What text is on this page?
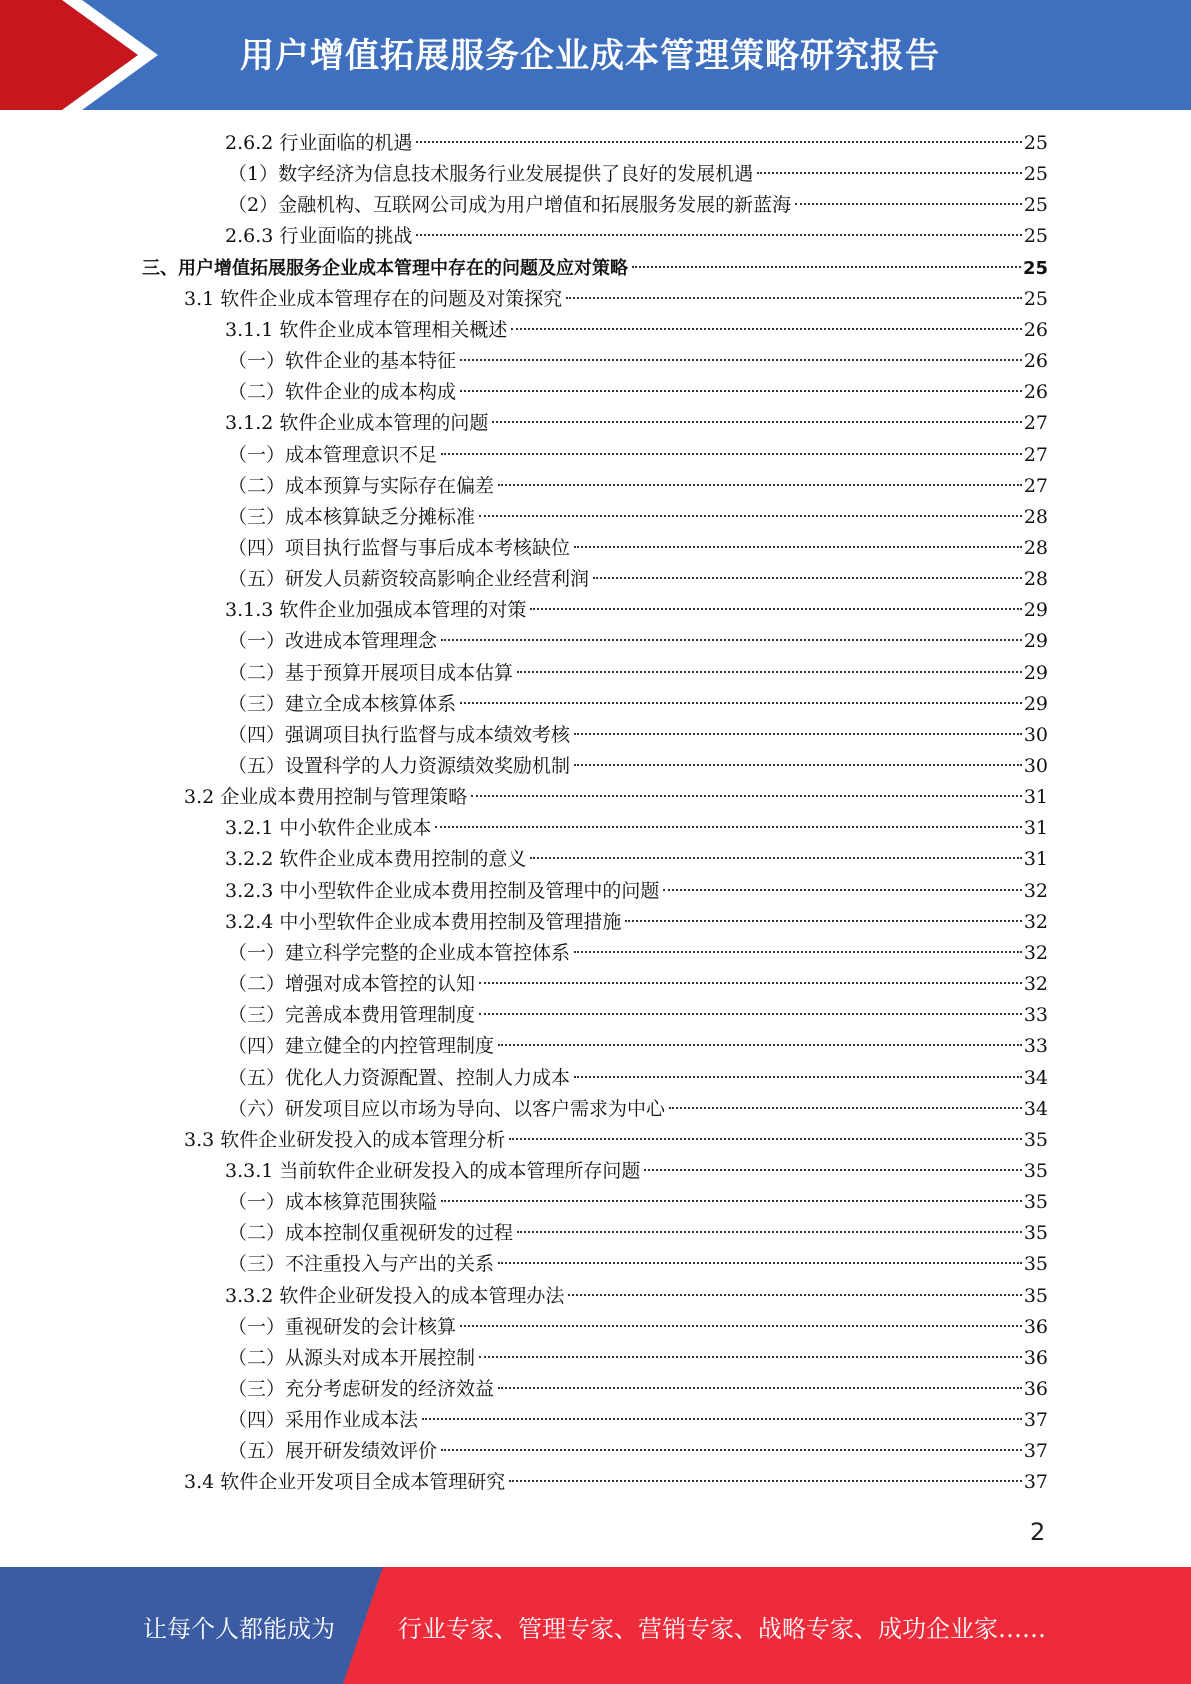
用户增值拓展服务企业成本管理策略研究报告
2.6.2 行业面临的机遇	25
（1）数字经济为信息技术服务行业发展提供了良好的发展机遇	25
（2）金融机构、互联网公司成为用户增值和拓展服务发展的新蓝海	25
2.6.3 行业面临的挑战	25
三、用户增值拓展服务企业成本管理中存在的问题及应对策略	25
3.1 软件企业成本管理存在的问题及对策探究	25
3.1.1 软件企业成本管理相关概述	26
（一）软件企业的基本特征	26
（二）软件企业的成本构成	26
3.1.2 软件企业成本管理的问题	27
（一）成本管理意识不足	27
（二）成本预算与实际存在偏差	27
（三）成本核算缺乏分摊标准	28
（四）项目执行监督与事后成本考核缺位	28
（五）研发人员薪资较高影响企业经营利润	28
3.1.3 软件企业加强成本管理的对策	29
（一）改进成本管理理念	29
（二）基于预算开展项目成本估算	29
（三）建立全成本核算体系	29
（四）强调项目执行监督与成本绩效考核	30
（五）设置科学的人力资源绩效奖励机制	30
3.2 企业成本费用控制与管理策略	31
3.2.1 中小软件企业成本	31
3.2.2 软件企业成本费用控制的意义	31
3.2.3 中小型软件企业成本费用控制及管理中的问题	32
3.2.4 中小型软件企业成本费用控制及管理措施	32
（一）建立科学完整的企业成本管控体系	32
（二）增强对成本管控的认知	32
（三）完善成本费用管理制度	33
（四）建立健全的内控管理制度	33
（五）优化人力资源配置、控制人力成本	34
（六）研发项目应以市场为导向、以客户需求为中心	34
3.3 软件企业研发投入的成本管理分析	35
3.3.1 当前软件企业研发投入的成本管理所存问题	35
（一）成本核算范围狭隘	35
（二）成本控制仅重视研发的过程	35
（三）不注重投入与产出的关系	35
3.3.2 软件企业研发投入的成本管理办法	35
（一）重视研发的会计核算	36
（二）从源头对成本开展控制	36
（三）充分考虑研发的经济效益	36
（四）采用作业成本法	37
（五）展开研发绩效评价	37
3.4 软件企业开发项目全成本管理研究	37
2
让每个人都能成为	行业专家、管理专家、营销专家、战略专家、成功企业家……
